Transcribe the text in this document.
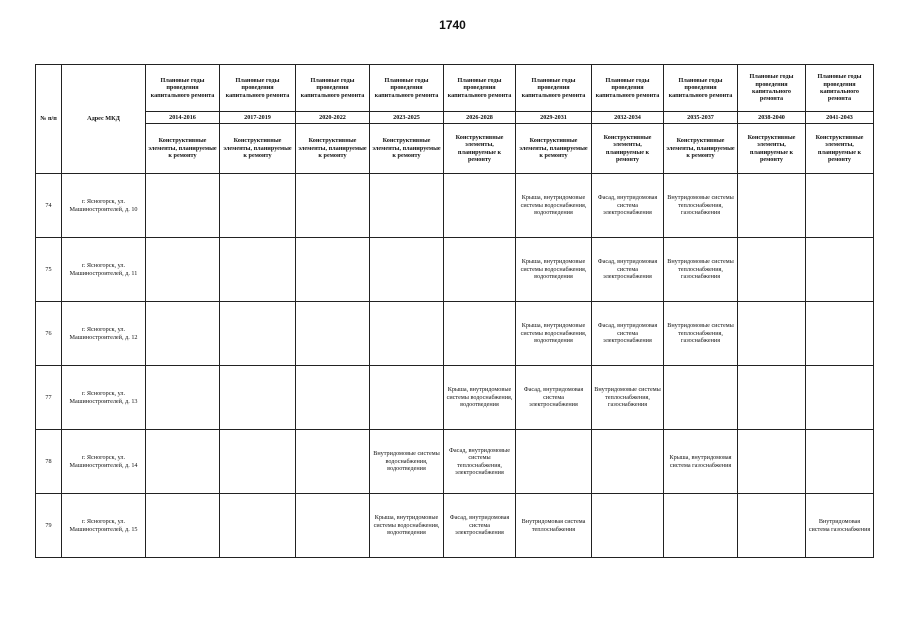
1740
№ п/п	Адрес МКД	Плановые годы проведения капитального ремонта	Плановые годы проведения капитального ремонта	Плановые годы проведения капитального ремонта	Плановые годы проведения капитального ремонта	Плановые годы проведения капитального ремонта	Плановые годы проведения капитального ремонта	Плановые годы проведения капитального ремонта	Плановые годы проведения капитального ремонта	Плановые годы проведения капитального ремонта	Плановые годы проведения капитального ремонта
		2014-2016	2017-2019	2020-2022	2023-2025	2026-2028	2029-2031	2032-2034	2035-2037	2038-2040	2041-2043
		Конструктивные элементы, планируемые к ремонту	Конструктивные элементы, планируемые к ремонту	Конструктивные элементы, планируемые к ремонту	Конструктивные элементы, планируемые к ремонту	Конструктивные элементы, планируемые к ремонту	Конструктивные элементы, планируемые к ремонту	Конструктивные элементы, планируемые к ремонту	Конструктивные элементы, планируемые к ремонту	Конструктивные элементы, планируемые к ремонту	Конструктивные элементы, планируемые к ремонту
74	г. Ясногорск, ул. Машиностроителей, д. 10						Крыша, внутридомовые системы водоснабжения, водоотведения	Фасад, внутридомовая система электроснабжения	Внутридомовые системы теплоснабжения, газоснабжения		
75	г. Ясногорск, ул. Машиностроителей, д. 11						Крыша, внутридомовые системы водоснабжения, водоотведения	Фасад, внутридомовая система электроснабжения	Внутридомовые системы теплоснабжения, газоснабжения		
76	г. Ясногорск, ул. Машиностроителей, д. 12						Крыша, внутридомовые системы водоснабжения, водоотведения	Фасад, внутридомовая система электроснабжения	Внутридомовые системы теплоснабжения, газоснабжения		
77	г. Ясногорск, ул. Машиностроителей, д. 13					Крыша, внутридомовые системы водоснабжения, водоотведения	Фасад, внутридомовая система электроснабжения	Внутридомовые системы теплоснабжения, газоснабжения			
78	г. Ясногорск, ул. Машиностроителей, д. 14				Внутридомовые системы водоснабжения, водоотведения	Фасад, внутридомовые системы теплоснабжения, электроснабжения			Крыша, внутридомовая система газоснабжения		
79	г. Ясногорск, ул. Машиностроителей, д. 15				Крыша, внутридомовые системы водоснабжения, водоотведения	Фасад, внутридомовая система электроснабжения	Внутридомовая система теплоснабжения				Внутридомовая система газоснабжения
